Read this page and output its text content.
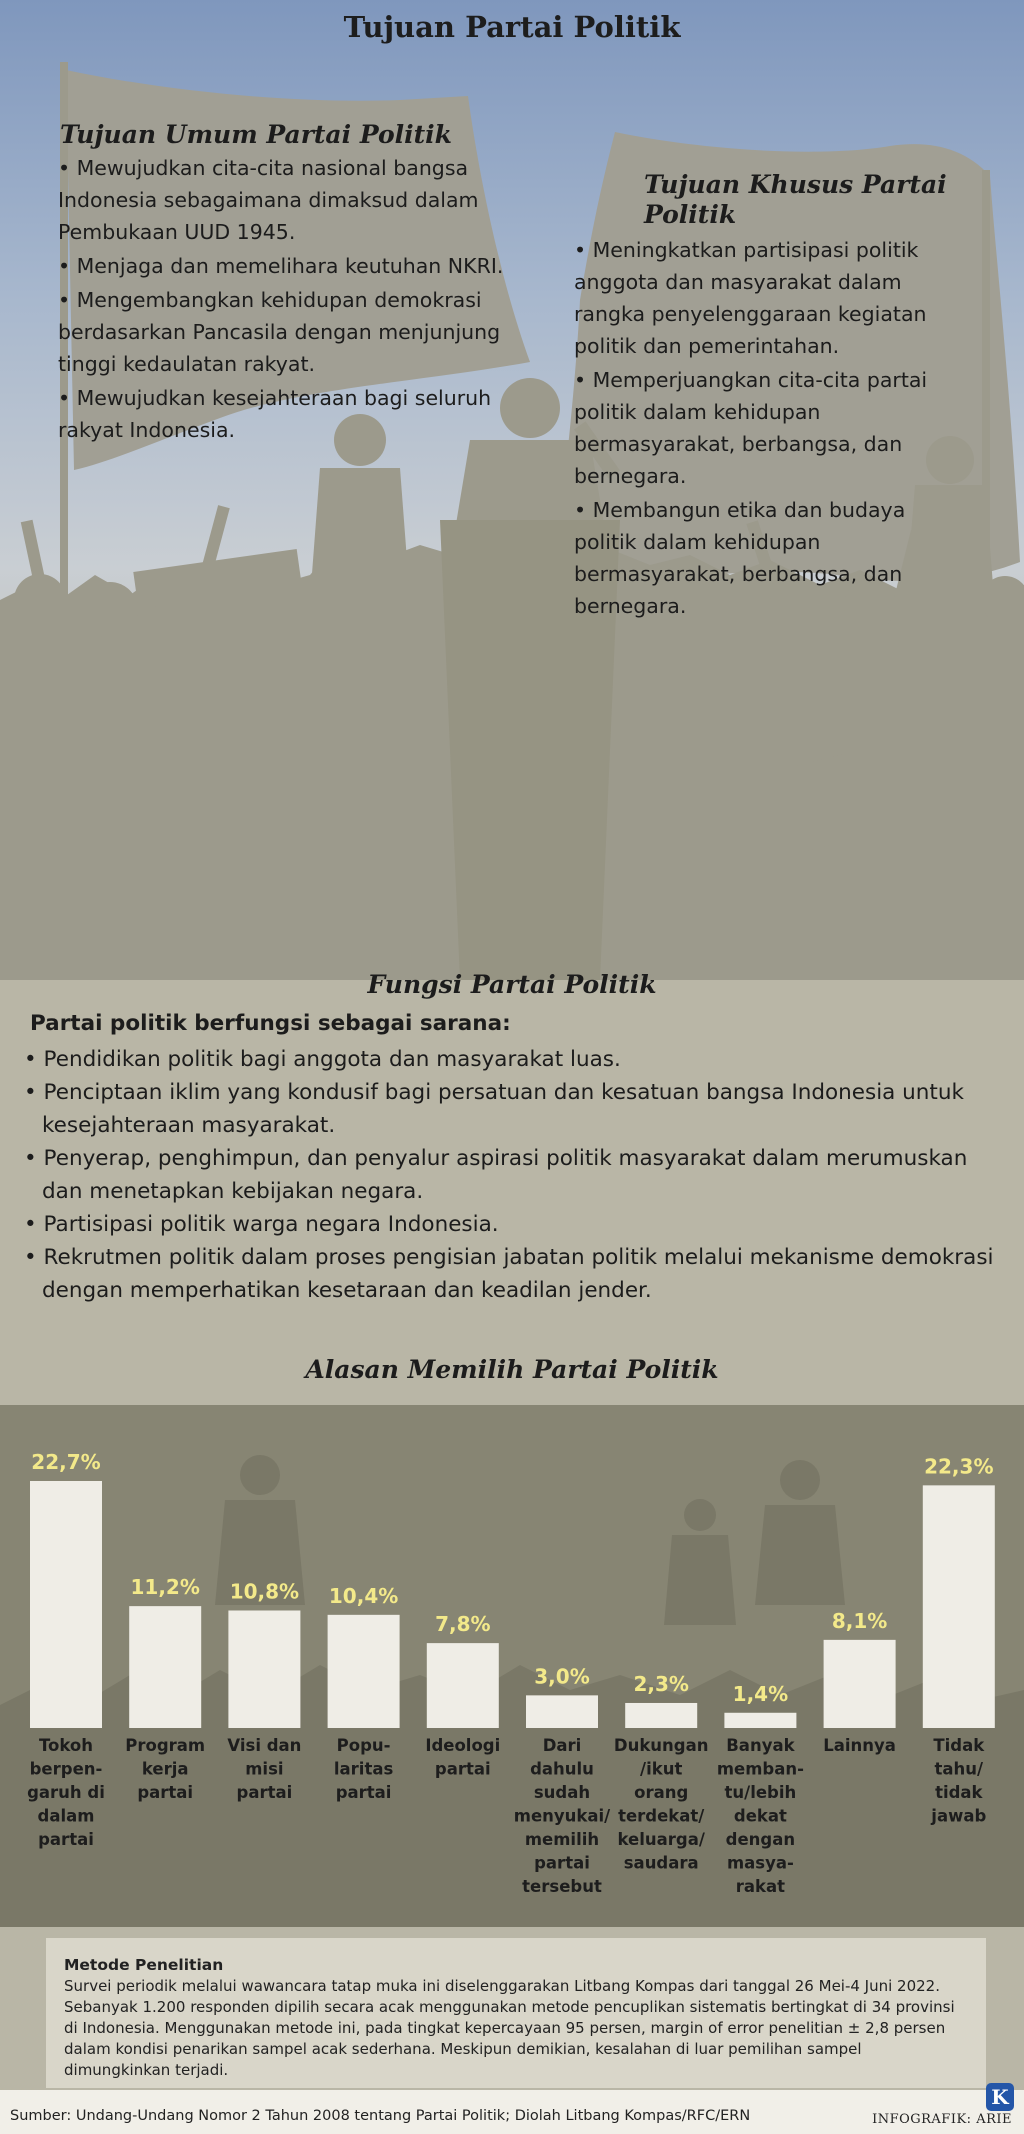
Tujuan Partai Politik
Tujuan Umum Partai Politik
• Mewujudkan cita-cita nasional bangsa Indonesia sebagaimana dimaksud dalam Pembukaan UUD 1945.
• Menjaga dan memelihara keutuhan NKRI.
• Mengembangkan kehidupan demokrasi berdasarkan Pancasila dengan menjunjung tinggi kedaulatan rakyat.
• Mewujudkan kesejahteraan bagi seluruh rakyat Indonesia.
Tujuan Khusus Partai Politik
• Meningkatkan partisipasi politik anggota dan masyarakat dalam rangka penyelenggaraan kegiatan politik dan pemerintahan.
• Memperjuangkan cita-cita partai politik dalam kehidupan bermasyarakat, berbangsa, dan bernegara.
• Membangun etika dan budaya politik dalam kehidupan bermasyarakat, berbangsa, dan bernegara.
Fungsi Partai Politik

Partai politik berfungsi sebagai sarana:

• Pendidikan politik bagi anggota dan masyarakat luas.
• Penciptaan iklim yang kondusif bagi persatuan dan kesatuan bangsa Indonesia untuk kesejahteraan masyarakat.
• Penyerap, penghimpun, dan penyalur aspirasi politik masyarakat dalam merumuskan dan menetapkan kebijakan negara.
• Partisipasi politik warga negara Indonesia.
• Rekrutmen politik dalam proses pengisian jabatan politik melalui mekanisme demokrasi dengan memperhatikan kesetaraan dan keadilan jender.
Alasan Memilih Partai Politik
22,7%
11,2% 10,8% 10,4%
7,8%
3,0% 2,3% 1,4%
8,1%
22,3%
Tokoh berpen-garuh di dalam partai
Program kerja partai
Visi dan misi partai
Popu-laritas partai
Ideologi partai
Dari dahulu sudah menyukai/ memilih partai tersebut
Dukungan /ikut orang terdekat/ keluarga/ saudara
Banyak memban-tu/lebih dekat dengan masya-rakat
Lainnya Tidak tahu/ tidak jawab
Metode Penelitian
Survei periodik melalui wawancara tatap muka ini diselenggarakan Litbang Kompas dari tanggal 26 Mei-4 Juni 2022. Sebanyak 1.200 responden dipilih secara acak menggunakan metode pencuplikan sistematis bertingkat di 34 provinsi di Indonesia. Menggunakan metode ini, pada tingkat kepercayaan 95 persen, margin of error penelitian ± 2,8 persen dalam kondisi penarikan sampel acak sederhana. Meskipun demikian, kesalahan di luar pemilihan sampel dimungkinkan terjadi.
Sumber: Undang-Undang Nomor 2 Tahun 2008 tentang Partai Politik; Diolah Litbang Kompas/RFC/ERN	INFOGRAFIK: ARIE
K
